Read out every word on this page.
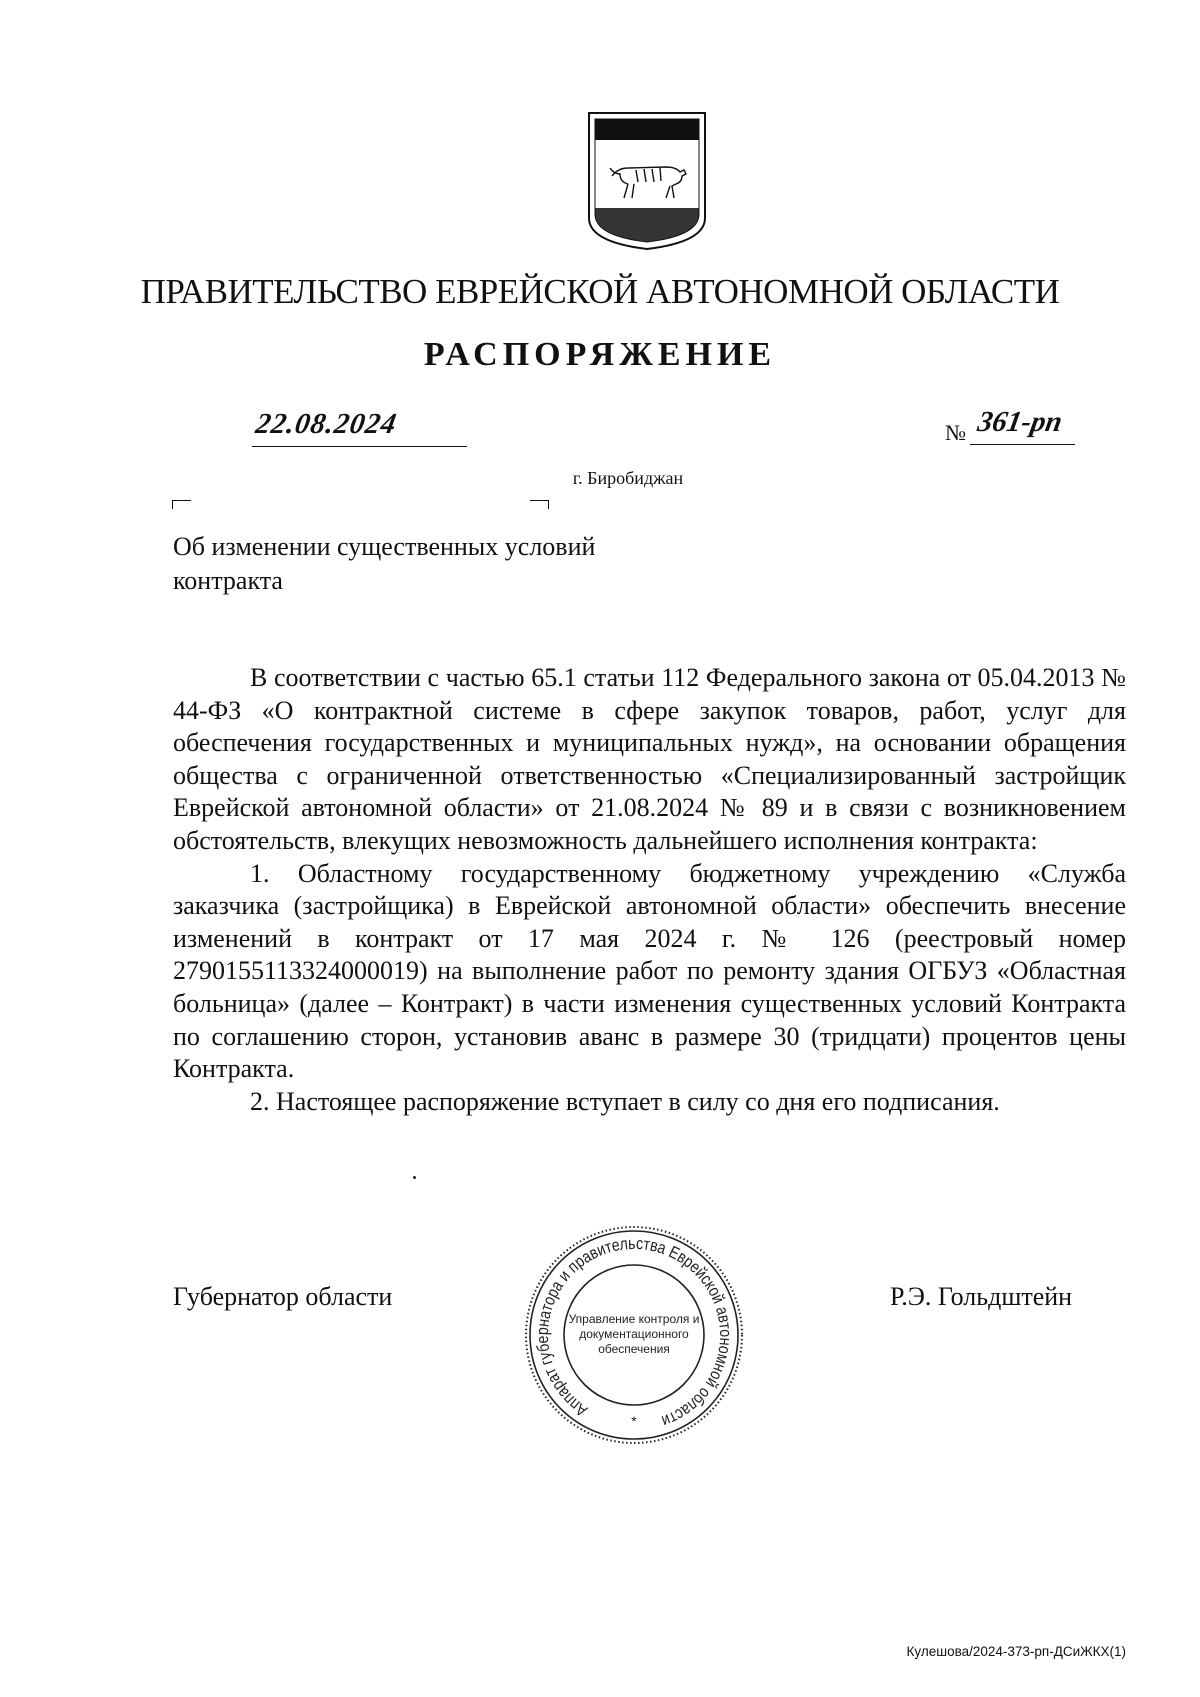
ПРАВИТЕЛЬСТВО ЕВРЕЙСКОЙ АВТОНОМНОЙ ОБЛАСТИ
РАСПОРЯЖЕНИЕ
22.08.2024	№ 361-рп
г. Биробиджан
Об изменении существенных условий
контракта

В соответствии с частью 65.1 статьи 112 Федерального закона от 05.04.2013 № 44-ФЗ «О контрактной системе в сфере закупок товаров, работ, услуг для обеспечения государственных и муниципальных нужд», на основании обращения общества с ограниченной ответственностью «Специализированный застройщик Еврейской автономной области» от 21.08.2024 № 89 и в связи с возникновением обстоятельств, влекущих невозможность дальнейшего исполнения контракта:

1. Областному государственному бюджетному учреждению «Служба заказчика (застройщика) в Еврейской автономной области» обеспечить внесение изменений в контракт от 17 мая 2024 г. № 126 (реестровый номер 2790155113324000019) на выполнение работ по ремонту здания ОГБУЗ «Областная больница» (далее – Контракт) в части изменения существенных условий Контракта по соглашению сторон, установив аванс в размере 30 (тридцати) процентов цены Контракта.

2. Настоящее распоряжение вступает в силу со дня его подписания.

Губернатор области	Р.Э. Гольдштейн
Аппарат губернатора и правительства Еврейской автономной области
Управление контроля и
документационного
обеспечения
*
Кулешова/2024-373-рп-ДСиЖКХ(1)
